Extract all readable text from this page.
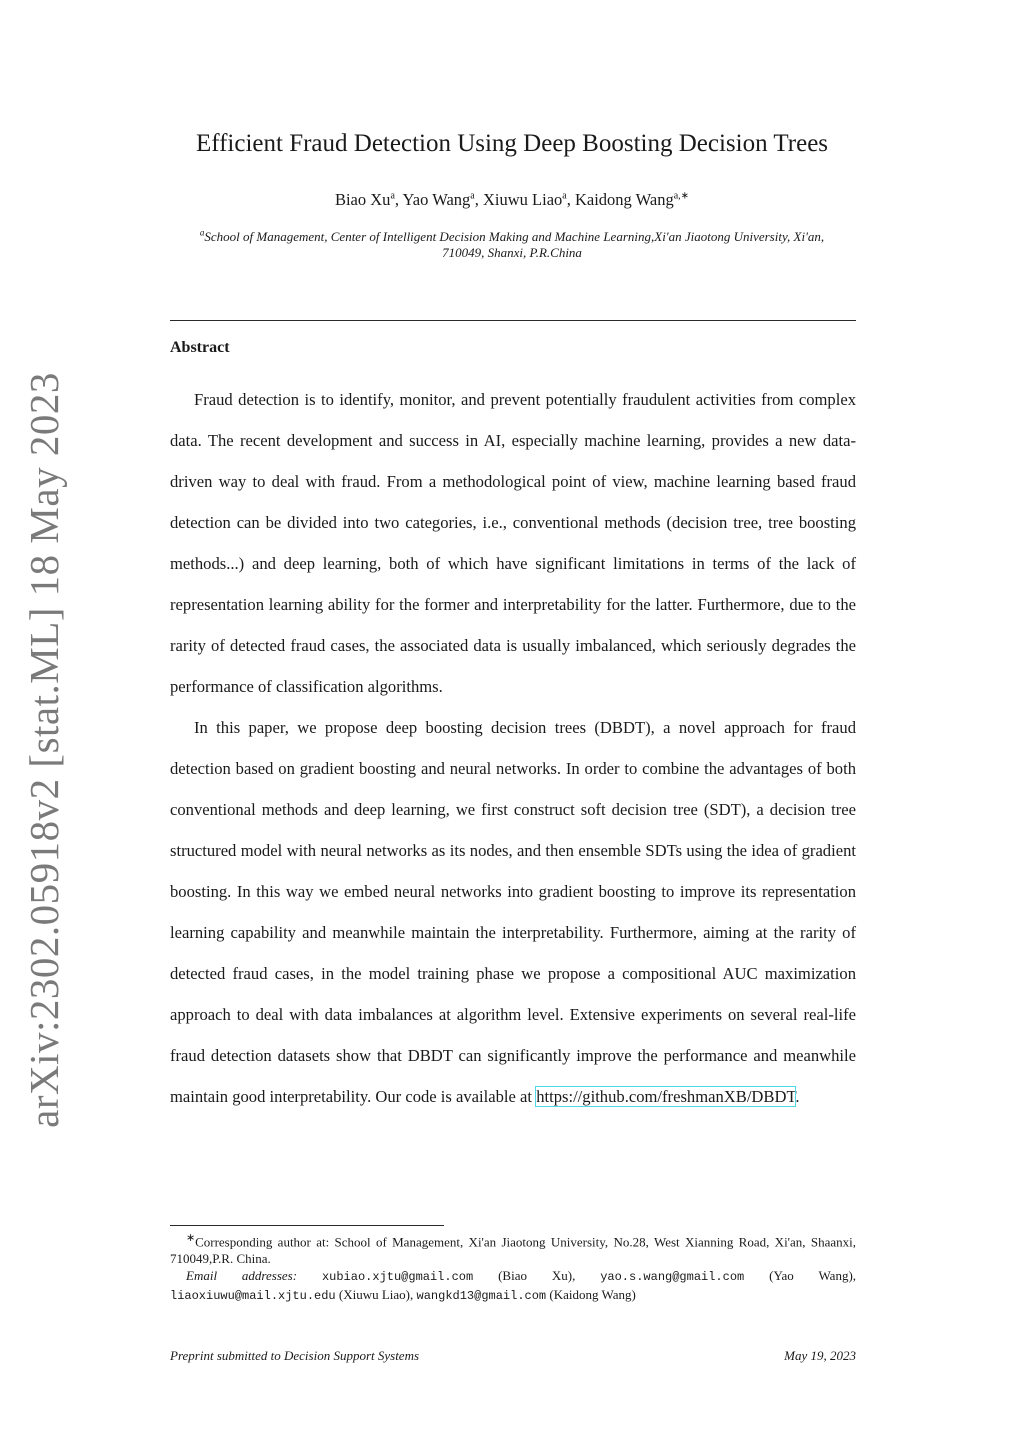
arXiv:2302.05918v2 [stat.ML] 18 May 2023
Efficient Fraud Detection Using Deep Boosting Decision Trees
Biao Xu$^a$, Yao Wang$^a$, Xiuwu Liao$^a$, Kaidong Wang$^{a,∗}$
$^a$School of Management, Center of Intelligent Decision Making and Machine Learning,Xi'an Jiaotong University, Xi'an, 710049, Shanxi, P.R.China
Abstract

Fraud detection is to identify, monitor, and prevent potentially fraudulent activities from complex data. The recent development and success in AI, especially machine learning, provides a new data-driven way to deal with fraud. From a methodological point of view, machine learning based fraud detection can be divided into two categories, i.e., conventional methods (decision tree, tree boosting methods...) and deep learning, both of which have significant limitations in terms of the lack of representation learning ability for the former and interpretability for the latter. Furthermore, due to the rarity of detected fraud cases, the associated data is usually imbalanced, which seriously degrades the performance of classification algorithms.

In this paper, we propose deep boosting decision trees (DBDT), a novel approach for fraud detection based on gradient boosting and neural networks. In order to combine the advantages of both conventional methods and deep learning, we first construct soft decision tree (SDT), a decision tree structured model with neural networks as its nodes, and then ensemble SDTs using the idea of gradient boosting. In this way we embed neural networks into gradient boosting to improve its representation learning capability and meanwhile maintain the interpretability. Furthermore, aiming at the rarity of detected fraud cases, in the model training phase we propose a compositional AUC maximization approach to deal with data imbalances at algorithm level. Extensive experiments on several real-life fraud detection datasets show that DBDT can significantly improve the performance and meanwhile maintain good interpretability. Our code is available at https://github.com/freshmanXB/DBDT.

∗Corresponding author at: School of Management, Xi'an Jiaotong University, No.28, West Xianning Road, Xi'an, Shaanxi, 710049,P.R. China.

Email addresses: xubiao.xjtu@gmail.com (Biao Xu), yao.s.wang@gmail.com (Yao Wang), liaoxiuwu@mail.xjtu.edu (Xiuwu Liao), wangkd13@gmail.com (Kaidong Wang)

Preprint submitted to Decision Support Systems	May 19, 2023
